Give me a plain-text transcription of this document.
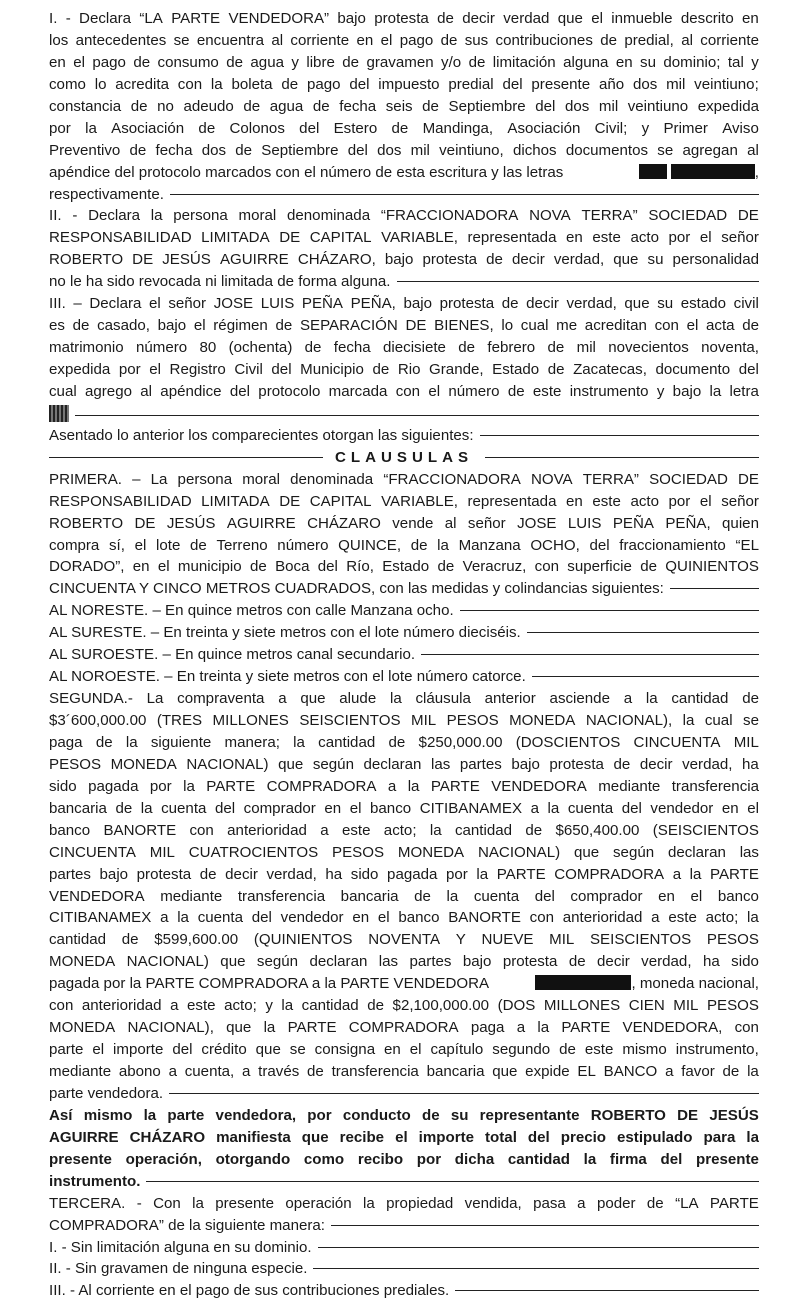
I. - Declara “LA PARTE VENDEDORA” bajo protesta de decir verdad que el inmueble descrito en
los antecedentes se encuentra al corriente en el pago de sus contribuciones de predial, al corriente
en el pago de consumo de agua y libre de gravamen y/o de limitación alguna en su dominio; tal y
como lo acredita con la boleta de pago del impuesto predial del presente año dos mil veintiuno;
constancia de no adeudo de agua de fecha seis de Septiembre del dos mil veintiuno expedida
por la Asociación de Colonos del Estero de Mandinga, Asociación Civil; y Primer Aviso
Preventivo de fecha dos de Septiembre del dos mil veintiuno, dichos documentos se agregan al
apéndice del protocolo marcados con el número de esta escritura y las letras	,
respectivamente.
II. - Declara la persona moral denominada “FRACCIONADORA NOVA TERRA” SOCIEDAD DE
RESPONSABILIDAD LIMITADA DE CAPITAL VARIABLE, representada en este acto por el señor
ROBERTO DE JESÚS AGUIRRE CHÁZARO, bajo protesta de decir verdad, que su personalidad
no le ha sido revocada ni limitada de forma alguna.
III. – Declara el señor JOSE LUIS PEÑA PEÑA, bajo protesta de decir verdad, que su estado civil
es de casado, bajo el régimen de SEPARACIÓN DE BIENES, lo cual me acreditan con el acta de
matrimonio número 80 (ochenta) de fecha diecisiete de febrero de mil novecientos noventa,
expedida por el Registro Civil del Municipio de Rio Grande, Estado de Zacatecas, documento del
cual agrego al apéndice del protocolo marcada con el número de este instrumento y bajo la letra
Asentado lo anterior los comparecientes otorgan las siguientes:
CLAUSULAS
PRIMERA. – La persona moral denominada “FRACCIONADORA NOVA TERRA” SOCIEDAD DE
RESPONSABILIDAD LIMITADA DE CAPITAL VARIABLE, representada en este acto por el señor
ROBERTO DE JESÚS AGUIRRE CHÁZARO vende al señor JOSE LUIS PEÑA PEÑA, quien
compra sí, el lote de Terreno número QUINCE, de la Manzana OCHO, del fraccionamiento “EL
DORADO”, en el municipio de Boca del Río, Estado de Veracruz, con superficie de QUINIENTOS
CINCUENTA Y CINCO METROS CUADRADOS, con las medidas y colindancias siguientes:
AL NORESTE. – En quince metros con calle Manzana ocho.
AL SURESTE. – En treinta y siete metros con el lote número dieciséis.
AL SUROESTE. – En quince metros canal secundario.
AL NOROESTE. – En treinta y siete metros con el lote número catorce.
SEGUNDA.- La compraventa a que alude la cláusula anterior asciende a la cantidad de
$3´600,000.00 (TRES MILLONES SEISCIENTOS MIL PESOS MONEDA NACIONAL), la cual se
paga de la siguiente manera; la cantidad de $250,000.00 (DOSCIENTOS CINCUENTA MIL
PESOS MONEDA NACIONAL) que según declaran las partes bajo protesta de decir verdad, ha
sido pagada por la PARTE COMPRADORA a la PARTE VENDEDORA mediante transferencia
bancaria de la cuenta del comprador en el banco CITIBANAMEX a la cuenta del vendedor en el
banco BANORTE con anterioridad a este acto; la cantidad de $650,400.00 (SEISCIENTOS
CINCUENTA MIL CUATROCIENTOS PESOS MONEDA NACIONAL) que según declaran las
partes bajo protesta de decir verdad, ha sido pagada por la PARTE COMPRADORA a la PARTE
VENDEDORA mediante transferencia bancaria de la cuenta del comprador en el banco
CITIBANAMEX a la cuenta del vendedor en el banco BANORTE con anterioridad a este acto; la
cantidad de $599,600.00 (QUINIENTOS NOVENTA Y NUEVE MIL SEISCIENTOS PESOS
MONEDA NACIONAL) que según declaran las partes bajo protesta de decir verdad, ha sido
pagada por la PARTE COMPRADORA a la PARTE VENDEDORA	, moneda nacional,
con anterioridad a este acto; y la cantidad de $2,100,000.00 (DOS MILLONES CIEN MIL PESOS
MONEDA NACIONAL), que la PARTE COMPRADORA paga a la PARTE VENDEDORA, con
parte el importe del crédito que se consigna en el capítulo segundo de este mismo instrumento,
mediante abono a cuenta, a través de transferencia bancaria que expide EL BANCO a favor de la
parte vendedora.
Así mismo la parte vendedora, por conducto de su representante ROBERTO DE JESÚS
AGUIRRE CHÁZARO manifiesta que recibe el importe total del precio estipulado para la
presente operación, otorgando como recibo por dicha cantidad la firma del presente
instrumento.
TERCERA. - Con la presente operación la propiedad vendida, pasa a poder de “LA PARTE
COMPRADORA” de la siguiente manera:
I. - Sin limitación alguna en su dominio.
II. - Sin gravamen de ninguna especie.
III. - Al corriente en el pago de sus contribuciones prediales.
